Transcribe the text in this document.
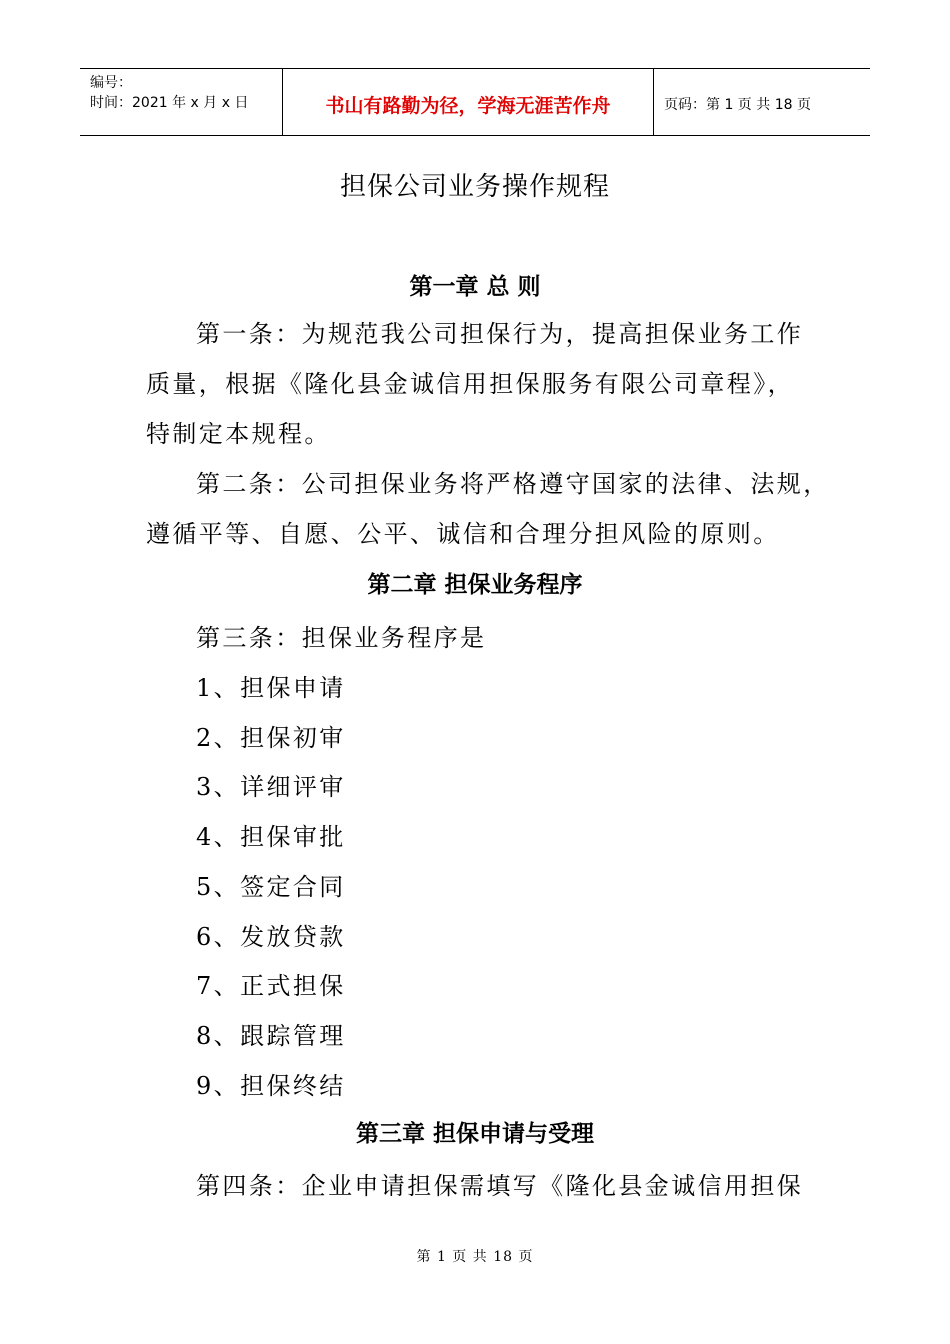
编号：
时间：2021 年 x 月 x 日	书山有路勤为径，学海无涯苦作舟	页码：第 1 页 共 18 页
担保公司业务操作规程
第一章 总 则
第一条：为规范我公司担保行为，提高担保业务工作
质量，根据《隆化县金诚信用担保服务有限公司章程》，
特制定本规程。
第二条：公司担保业务将严格遵守国家的法律、法规，
遵循平等、自愿、公平、诚信和合理分担风险的原则。
第二章 担保业务程序
第三条：担保业务程序是
1、担保申请
2、担保初审
3、详细评审
4、担保审批
5、签定合同
6、发放贷款
7、正式担保
8、跟踪管理
9、担保终结
第三章 担保申请与受理
第四条：企业申请担保需填写《隆化县金诚信用担保
第 1 页 共 18 页
